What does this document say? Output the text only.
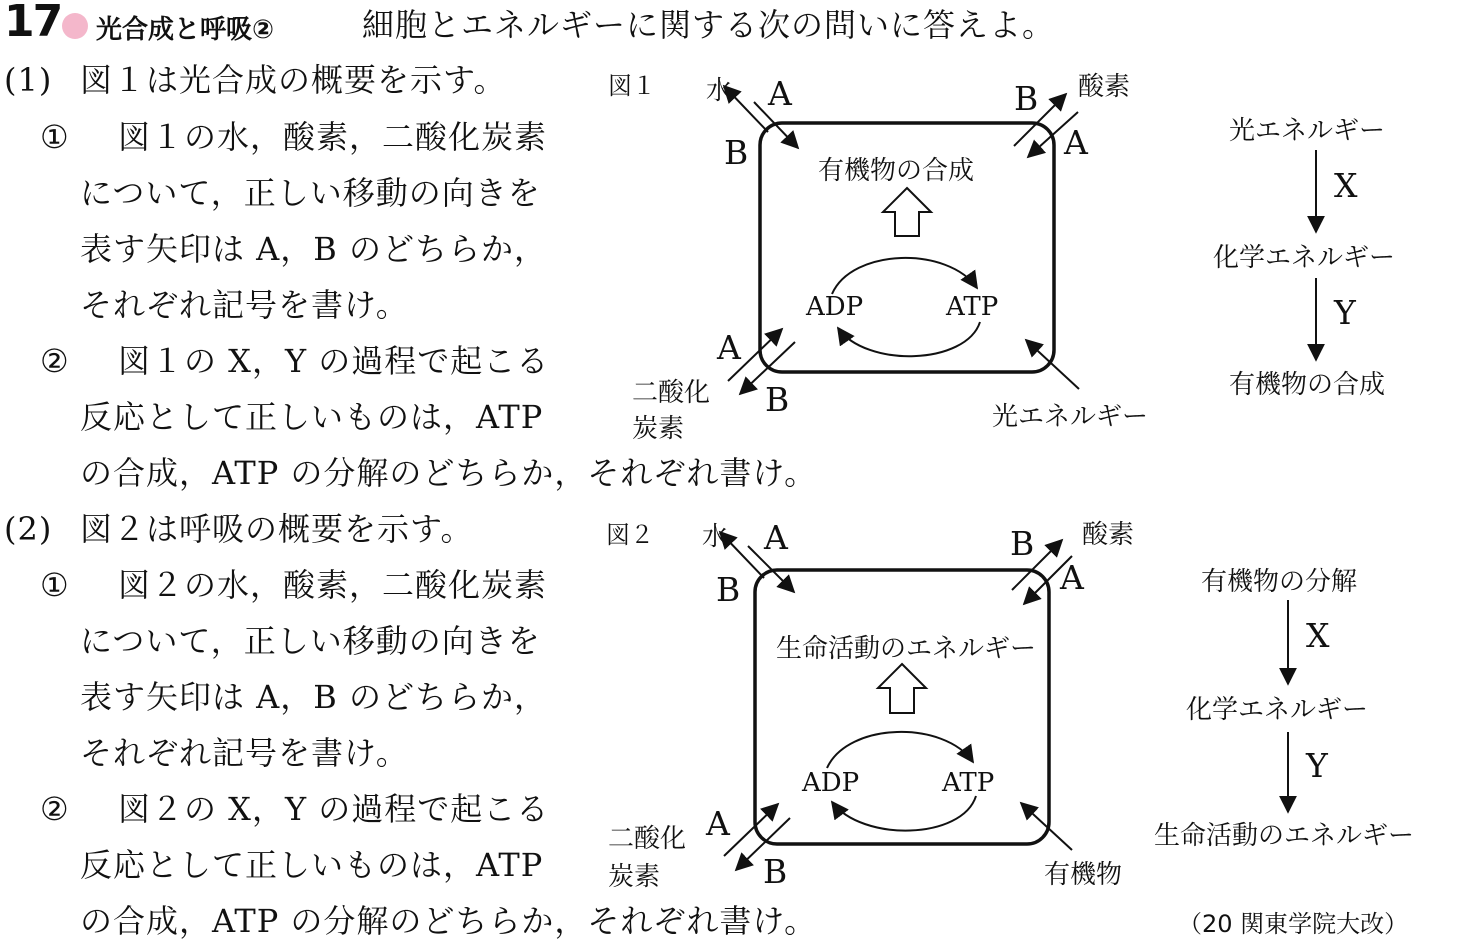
17 光合成と呼吸②	細胞とエネルギーに関する次の問いに答えよ。
(1) 図１は光合成の概要を示す。
① 図１の水，酸素，二酸化炭素
について，正しい移動の向きを
表す矢印は A，B のどちらか，
それぞれ記号を書け。
② 図１の X，Y の過程で起こる
反応として正しいものは，ATP
の合成，ATP の分解のどちらか，それぞれ書け。
(2) 図２は呼吸の概要を示す。
① 図２の水，酸素，二酸化炭素
について，正しい移動の向きを
表す矢印は A，B のどちらか，
それぞれ記号を書け。
② 図２の X，Y の過程で起こる
反応として正しいものは，ATP
の合成，ATP の分解のどちらか，それぞれ書け。
図１ 水 A
B
B 酸素
A
有機物の合成
ADP	ATP
A
二酸化
炭素
B	光エネルギー
光エネルギー
X
化学エネルギー
Y
有機物の合成
図２ 水 A
B
B 酸素
A
生命活動のエネルギー
ADP	ATP
二酸化 A
炭素	B	有機物
有機物の分解
X
化学エネルギー
Y
生命活動のエネルギー
（20 関東学院大改）
